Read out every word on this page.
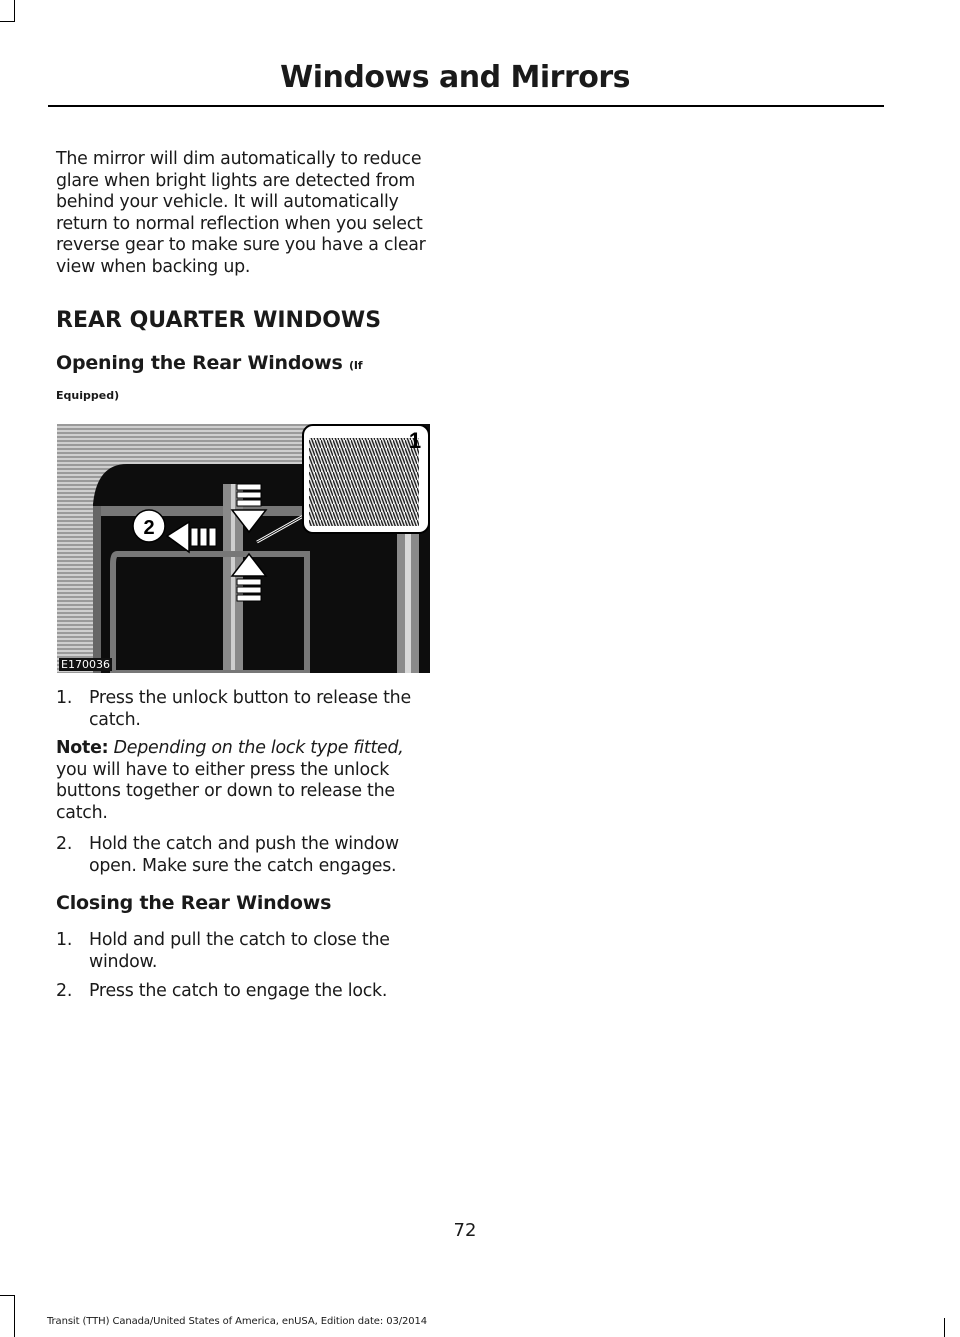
Windows and Mirrors

The mirror will dim automatically to reduce

glare when bright lights are detected from

behind your vehicle. It will automatically

return to normal reflection when you select

reverse gear to make sure you have a clear

view when backing up.

REAR QUARTER WINDOWS
Opening the Rear Windows (If
Equipped)
1
2
E170036
1. Press the unlock button to release the
catch.
Note: Depending on the lock type fitted,
you will have to either press the unlock
buttons together or down to release the
catch.
2. Hold the catch and push the window
open. Make sure the catch engages.
Closing the Rear Windows
1. Hold and pull the catch to close the
window.
2. Press the catch to engage the lock.
72
Transit (TTH) Canada/United States of America, enUSA, Edition date: 03/2014
